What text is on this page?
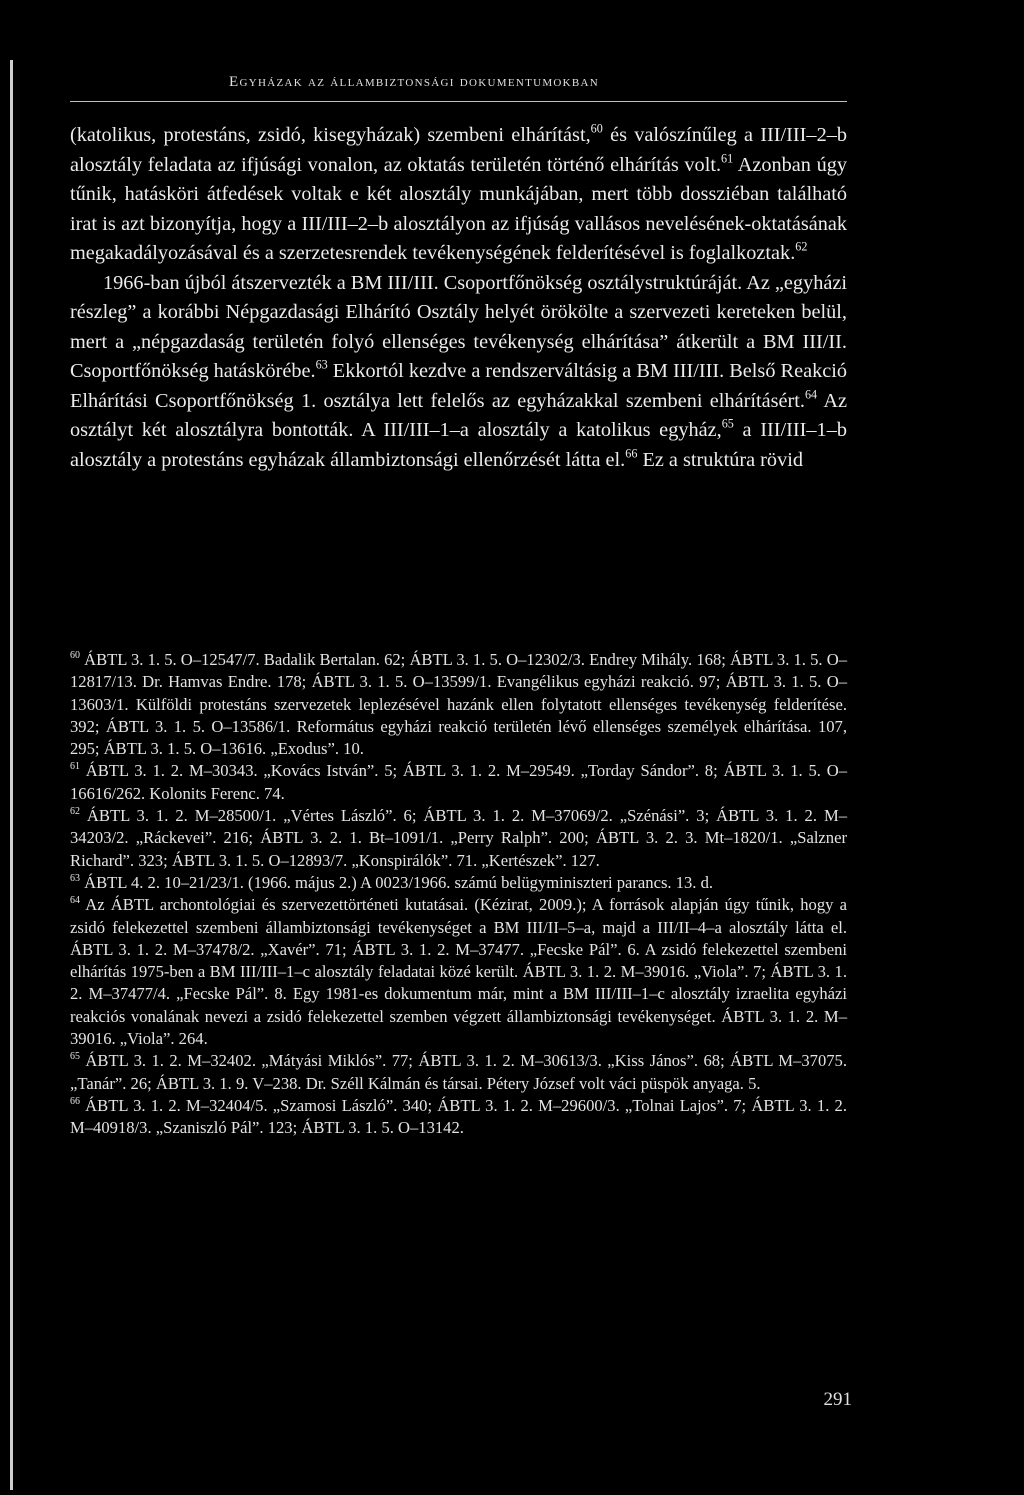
Egyházak az állambiztonsági dokumentumokban

(katolikus, protestáns, zsidó, kisegyházak) szembeni elhárítást,$^{60}$ és valószínűleg a III/III–2–b alosztály feladata az ifjúsági vonalon, az oktatás területén történő elhárítás volt.$^{61}$ Azonban úgy tűnik, hatásköri átfedések voltak e két alosztály munkájában, mert több dossziéban található irat is azt bizonyítja, hogy a III/III–2–b alosztályon az ifjúság vallásos nevelésének-oktatásának megakadályozásával és a szerzetesrendek tevékenységének felderítésével is foglalkoztak.$^{62}$

1966-ban újból átszervezték a BM III/III. Csoportfőnökség osztálystruktúráját. Az „egyházi részleg” a korábbi Népgazdasági Elhárító Osztály helyét örökölte a szervezeti kereteken belül, mert a „népgazdaság területén folyó ellenséges tevékenység elhárítása” átkerült a BM III/II. Csoportfőnökség hatáskörébe.$^{63}$ Ekkortól kezdve a rendszerváltásig a BM III/III. Belső Reakció Elhárítási Csoportfőnökség 1. osztálya lett felelős az egyházakkal szembeni elhárításért.$^{64}$ Az osztályt két alosztályra bontották. A III/III–1–a alosztály a katolikus egyház,$^{65}$ a III/III–1–b alosztály a protestáns egyházak állambiztonsági ellenőrzését látta el.$^{66}$ Ez a struktúra rövid

$^{60}$ ÁBTL 3. 1. 5. O–12547/7. Badalik Bertalan. 62; ÁBTL 3. 1. 5. O–12302/3. Endrey Mihály. 168; ÁBTL 3. 1. 5. O– 12817/13. Dr. Hamvas Endre. 178; ÁBTL 3. 1. 5. O–13599/1. Evangélikus egyházi reakció. 97; ÁBTL 3. 1. 5. O–13603/1. Külföldi protestáns szervezetek leplezésével hazánk ellen folytatott ellenséges tevékenység felderítése. 392; ÁBTL 3. 1. 5. O–13586/1. Református egyházi reakció területén lévő ellenséges személyek elhárítása. 107, 295; ÁBTL 3. 1. 5. O–13616. „Exodus”. 10.

$^{61}$ ÁBTL 3. 1. 2. M–30343. „Kovács István”. 5; ÁBTL 3. 1. 2. M–29549. „Torday Sándor”. 8; ÁBTL 3. 1. 5. O–16616/262. Kolonits Ferenc. 74.

$^{62}$ ÁBTL 3. 1. 2. M–28500/1. „Vértes László”. 6; ÁBTL 3. 1. 2. M–37069/2. „Szénási”. 3; ÁBTL 3. 1. 2. M–34203/2. „Ráckevei”. 216; ÁBTL 3. 2. 1. Bt–1091/1. „Perry Ralph”. 200; ÁBTL 3. 2. 3. Mt–1820/1. „Salzner Richard”. 323; ÁBTL 3. 1. 5. O–12893/7. „Konspirálók”. 71. „Kertészek”. 127.

$^{63}$ ÁBTL 4. 2. 10–21/23/1. (1966. május 2.) A 0023/1966. számú belügyminiszteri parancs. 13. d.

$^{64}$ Az ÁBTL archontológiai és szervezettörténeti kutatásai. (Kézirat, 2009.); A források alapján úgy tűnik, hogy a zsidó felekezettel szembeni állambiztonsági tevékenységet a BM III/II–5–a, majd a III/II–4–a alosztály látta el. ÁBTL 3. 1. 2. M–37478/2. „Xavér”. 71; ÁBTL 3. 1. 2. M–37477. „Fecske Pál”. 6. A zsidó felekezettel szembeni elhárítás 1975-ben a BM III/III–1–c alosztály feladatai közé került. ÁBTL 3. 1. 2. M–39016. „Viola”. 7; ÁBTL 3. 1. 2. M–37477/4. „Fecske Pál”. 8. Egy 1981-es dokumentum már, mint a BM III/III–1–c alosztály izraelita egyházi reakciós vonalának nevezi a zsidó felekezettel szemben végzett állambiztonsági tevékenységet. ÁBTL 3. 1. 2. M–39016. „Viola”. 264.

$^{65}$ ÁBTL 3. 1. 2. M–32402. „Mátyási Miklós”. 77; ÁBTL 3. 1. 2. M–30613/3. „Kiss János”. 68; ÁBTL M–37075. „Tanár”. 26; ÁBTL 3. 1. 9. V–238. Dr. Széll Kálmán és társai. Pétery József volt váci püspök anyaga. 5.

$^{66}$ ÁBTL 3. 1. 2. M–32404/5. „Szamosi László”. 340; ÁBTL 3. 1. 2. M–29600/3. „Tolnai Lajos”. 7; ÁBTL 3. 1. 2. M–40918/3. „Szaniszló Pál”. 123; ÁBTL 3. 1. 5. O–13142.

291
